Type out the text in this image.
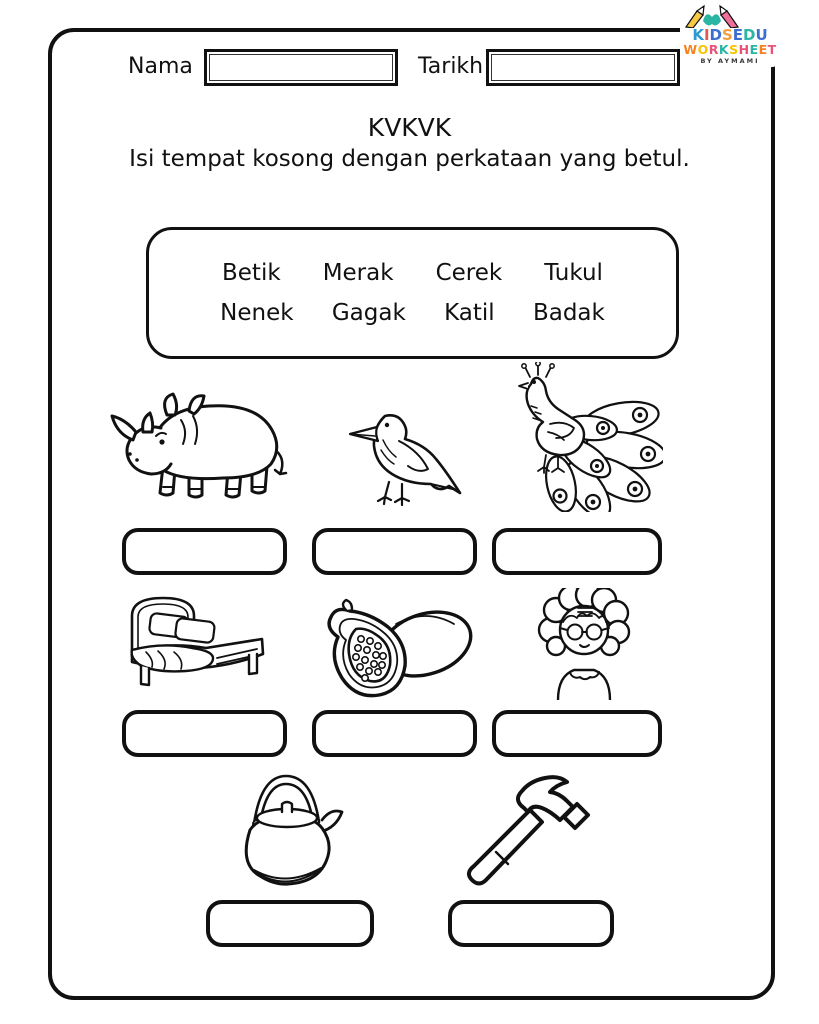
KIDSEDU
WORKSHEET
BY AYMAMI
Nama	Tarikh
KVKVK
Isi tempat kosong dengan perkataan yang betul.
Betik Merak Cerek Tukul
Nenek Gagak Katil Badak
